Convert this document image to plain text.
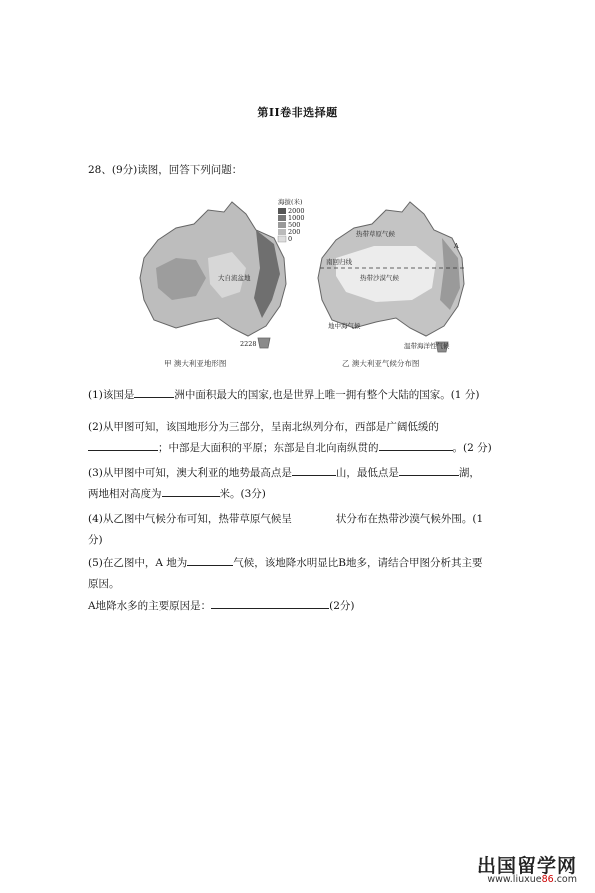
第II卷非选择题
28、(9分)读图，回答下列问题：
海拔(米)
2000
1000
500
200
0
大自流盆地
2228
甲 澳大利亚地形图
热带草原气候
南回归线
热带沙漠气候
地中海气候
温带海洋性气候
A
乙 澳大利亚气候分布图
(1)该国是	洲中面积最大的国家,也是世界上唯一拥有整个大陆的国家。(1 分)
(2)从甲图可知，该国地形分为三部分，呈南北纵列分布，西部是广阔低缓的
；中部是大面积的平原；东部是自北向南纵贯的	。(2 分)
(3)从甲图中可知，澳大利亚的地势最高点是	山，最低点是	湖，
两地相对高度为	米。(3分)
(4)从乙图中气候分布可知，热带草原气候呈	状分布在热带沙漠气候外围。(1
分)
(5)在乙图中，A 地为	气候，该地降水明显比B地多，请结合甲图分析其主要
原因。
A地降水多的主要原因是：	(2分)
出国留学网
www.liuxue86.com
